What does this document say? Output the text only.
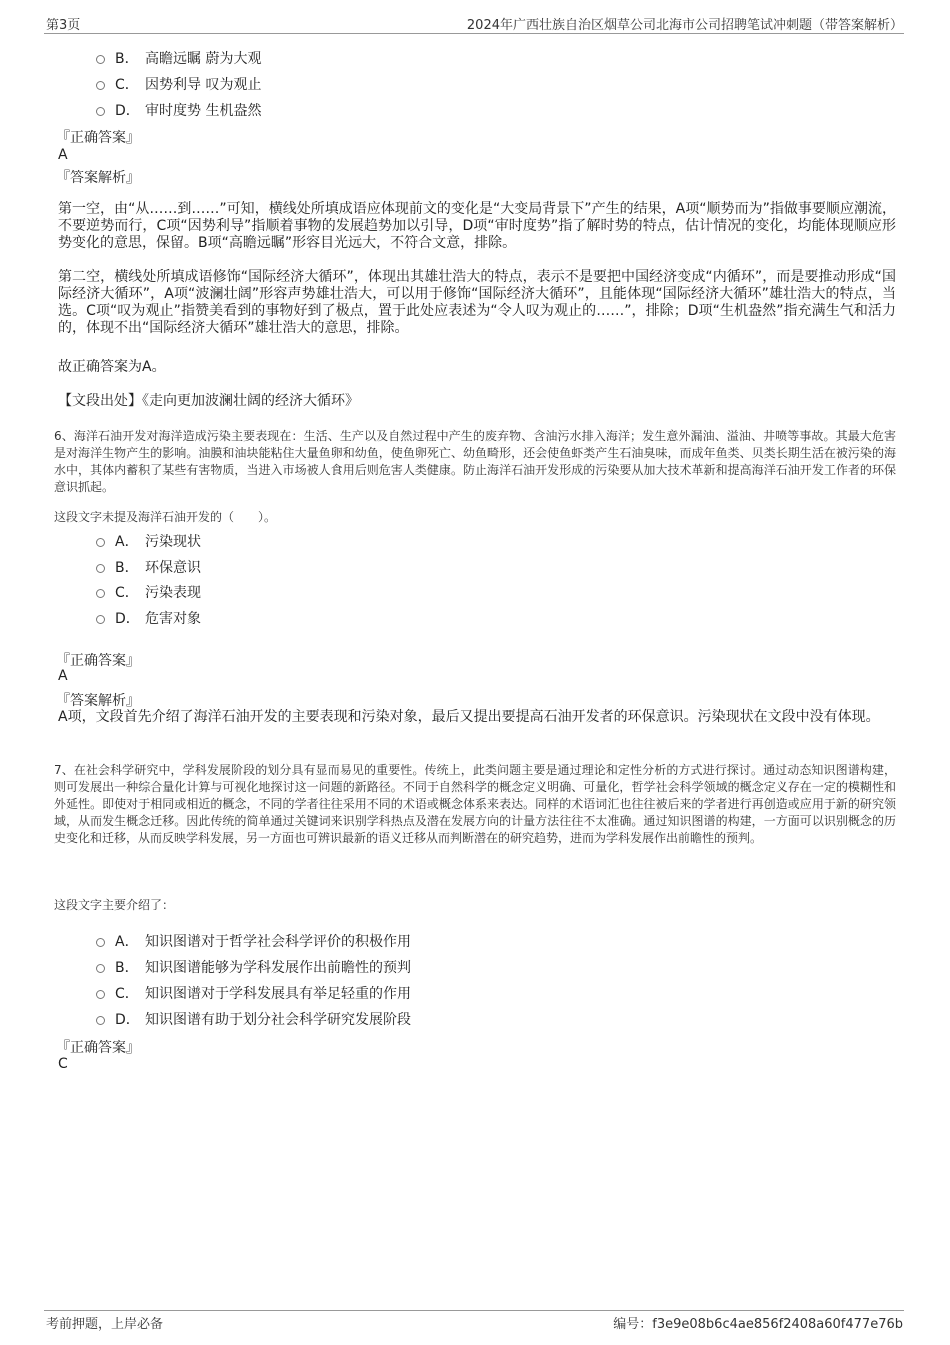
第3页	2024年广西壮族自治区烟草公司北海市公司招聘笔试冲刺题（带答案解析）
B． 高瞻远瞩 蔚为大观
C． 因势利导 叹为观止
D． 审时度势 生机盎然
『正确答案』
A
『答案解析』
第一空，由“从……到……”可知，横线处所填成语应体现前文的变化是“大变局背景下”产生的结果，A项“顺势而为”指做事要顺应潮流，不要逆势而行，C项“因势利导”指顺着事物的发展趋势加以引导，D项“审时度势”指了解时势的特点，估计情况的变化，均能体现顺应形势变化的意思，保留。B项“高瞻远瞩”形容目光远大，不符合文意，排除。
第二空，横线处所填成语修饰“国际经济大循环”，体现出其雄壮浩大的特点，表示不是要把中国经济变成“内循环”，而是要推动形成“国际经济大循环”，A项“波澜壮阔”形容声势雄壮浩大，可以用于修饰“国际经济大循环”，且能体现“国际经济大循环”雄壮浩大的特点，当选。C项“叹为观止”指赞美看到的事物好到了极点，置于此处应表述为“令人叹为观止的……”，排除；D项“生机盎然”指充满生气和活力的，体现不出“国际经济大循环”雄壮浩大的意思，排除。
故正确答案为A。
【文段出处】《走向更加波澜壮阔的经济大循环》
6、海洋石油开发对海洋造成污染主要表现在：生活、生产以及自然过程中产生的废弃物、含油污水排入海洋；发生意外漏油、溢油、井喷等事故。其最大危害是对海洋生物产生的影响。油膜和油块能粘住大量鱼卵和幼鱼，使鱼卵死亡、幼鱼畸形，还会使鱼虾类产生石油臭味，而成年鱼类、贝类长期生活在被污染的海水中，其体内蓄积了某些有害物质，当进入市场被人食用后则危害人类健康。防止海洋石油开发形成的污染要从加大技术革新和提高海洋石油开发工作者的环保意识抓起。
这段文字未提及海洋石油开发的（　　）。
A． 污染现状
B． 环保意识
C． 污染表现
D． 危害对象
『正确答案』
A
『答案解析』
A项，文段首先介绍了海洋石油开发的主要表现和污染对象，最后又提出要提高石油开发者的环保意识。污染现状在文段中没有体现。
7、在社会科学研究中，学科发展阶段的划分具有显而易见的重要性。传统上，此类问题主要是通过理论和定性分析的方式进行探讨。通过动态知识图谱构建，则可发展出一种综合量化计算与可视化地探讨这一问题的新路径。不同于自然科学的概念定义明确、可量化，哲学社会科学领域的概念定义存在一定的模糊性和外延性。即使对于相同或相近的概念，不同的学者往往采用不同的术语或概念体系来表达。同样的术语词汇也往往被后来的学者进行再创造或应用于新的研究领域，从而发生概念迁移。因此传统的简单通过关键词来识别学科热点及潜在发展方向的计量方法往往不太准确。通过知识图谱的构建，一方面可以识别概念的历史变化和迁移，从而反映学科发展，另一方面也可辨识最新的语义迁移从而判断潜在的研究趋势，进而为学科发展作出前瞻性的预判。
这段文字主要介绍了：
A． 知识图谱对于哲学社会科学评价的积极作用
B． 知识图谱能够为学科发展作出前瞻性的预判
C． 知识图谱对于学科发展具有举足轻重的作用
D． 知识图谱有助于划分社会科学研究发展阶段
『正确答案』
C
考前押题，上岸必备	编号：f3e9e08b6c4ae856f2408a60f477e76b
